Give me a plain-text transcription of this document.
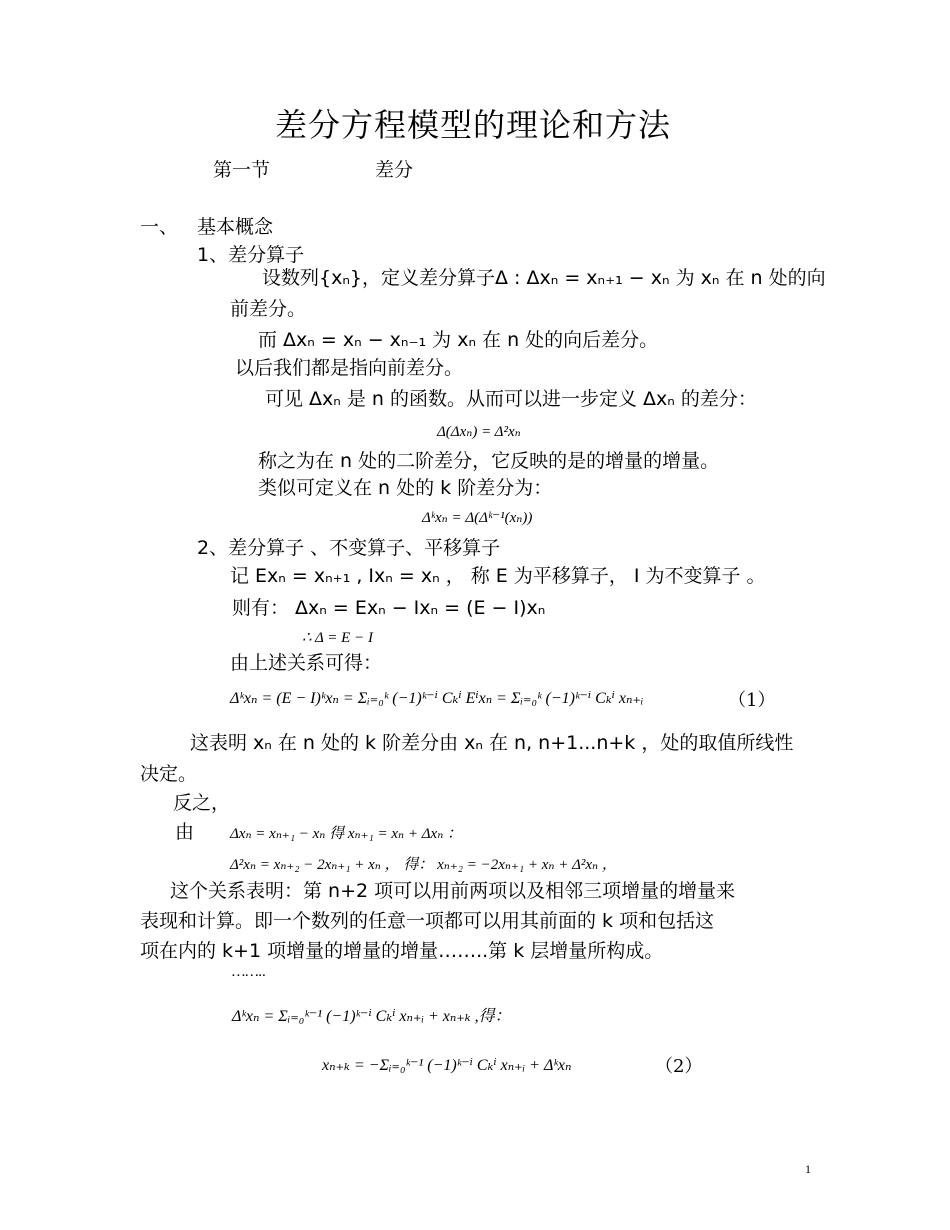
差分方程模型的理论和方法
第一节	差分
一、 基本概念
1、差分算子
设数列{xₙ}，定义差分算子Δ : Δxₙ = xₙ₊₁ − xₙ 为 xₙ 在 n 处的向
前差分。
而 Δxₙ = xₙ − xₙ₋₁ 为 xₙ 在 n 处的向后差分。
以后我们都是指向前差分。
可见 Δxₙ 是 n 的函数。从而可以进一步定义 Δxₙ 的差分：
Δ(Δxₙ) = Δ²xₙ
称之为在 n 处的二阶差分，它反映的是的增量的增量。
类似可定义在 n 处的 k 阶差分为：
Δᵏxₙ = Δ(Δᵏ⁻¹(xₙ))
2、差分算子 、不变算子、平移算子
记 Exₙ = xₙ₊₁ , Ixₙ = xₙ ， 称 E 为平移算子， I 为不变算子 。
则有： Δxₙ = Exₙ − Ixₙ = (E − I)xₙ
∴ Δ = E − I
由上述关系可得：
Δᵏxₙ = (E − I)ᵏxₙ = Σᵢ₌₀ᵏ (−1)ᵏ⁻ⁱ Cₖⁱ Eⁱxₙ = Σᵢ₌₀ᵏ (−1)ᵏ⁻ⁱ Cₖⁱ xₙ₊ᵢ	（1）
这表明 xₙ 在 n 处的 k 阶差分由 xₙ 在 n, n+1...n+k ，处的取值所线性
决定。
反之，
由 Δxₙ = xₙ₊₁ − xₙ 得 xₙ₊₁ = xₙ + Δxₙ ：
Δ²xₙ = xₙ₊₂ − 2xₙ₊₁ + xₙ ， 得： xₙ₊₂ = −2xₙ₊₁ + xₙ + Δ²xₙ ，
这个关系表明：第 n+2 项可以用前两项以及相邻三项增量的增量来
表现和计算。即一个数列的任意一项都可以用其前面的 k 项和包括这
项在内的 k+1 项增量的增量的增量……..第 k 层增量所构成。
……..
Δᵏxₙ = Σᵢ₌₀ᵏ⁻¹ (−1)ᵏ⁻ⁱ Cₖⁱ xₙ₊ᵢ + xₙ₊ₖ ,得：
xₙ₊ₖ = −Σᵢ₌₀ᵏ⁻¹ (−1)ᵏ⁻ⁱ Cₖⁱ xₙ₊ᵢ + Δᵏxₙ	（2）
1
